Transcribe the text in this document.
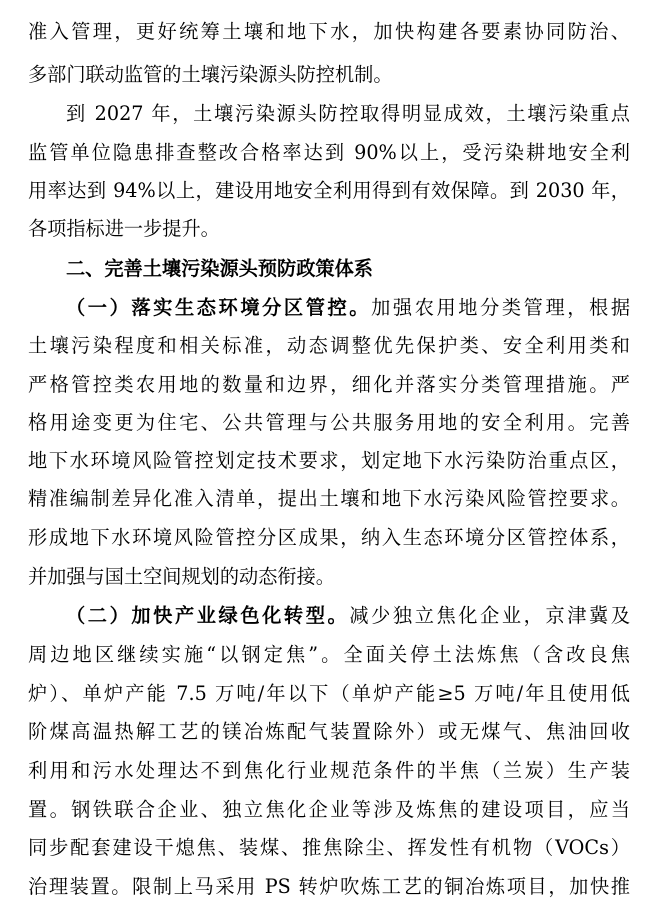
准入管理，更好统筹土壤和地下水，加快构建各要素协同防治、
多部门联动监管的土壤污染源头防控机制。
到 2027 年，土壤污染源头防控取得明显成效，土壤污染重点
监管单位隐患排查整改合格率达到 90%以上，受污染耕地安全利
用率达到 94%以上，建设用地安全利用得到有效保障。到 2030 年，
各项指标进一步提升。
二、完善土壤污染源头预防政策体系
（一）落实生态环境分区管控。加强农用地分类管理，根据
土壤污染程度和相关标准，动态调整优先保护类、安全利用类和
严格管控类农用地的数量和边界，细化并落实分类管理措施。严
格用途变更为住宅、公共管理与公共服务用地的安全利用。完善
地下水环境风险管控划定技术要求，划定地下水污染防治重点区，
精准编制差异化准入清单，提出土壤和地下水污染风险管控要求。
形成地下水环境风险管控分区成果，纳入生态环境分区管控体系，
并加强与国土空间规划的动态衔接。
（二）加快产业绿色化转型。减少独立焦化企业，京津冀及
周边地区继续实施“以钢定焦”。全面关停土法炼焦（含改良焦
炉）、单炉产能 7.5 万吨/年以下（单炉产能≥5 万吨/年且使用低
阶煤高温热解工艺的镁冶炼配气装置除外）或无煤气、焦油回收
利用和污水处理达不到焦化行业规范条件的半焦（兰炭）生产装
置。钢铁联合企业、独立焦化企业等涉及炼焦的建设项目，应当
同步配套建设干熄焦、装煤、推焦除尘、挥发性有机物（VOCs）
治理装置。限制上马采用 PS 转炉吹炼工艺的铜冶炼项目，加快推
